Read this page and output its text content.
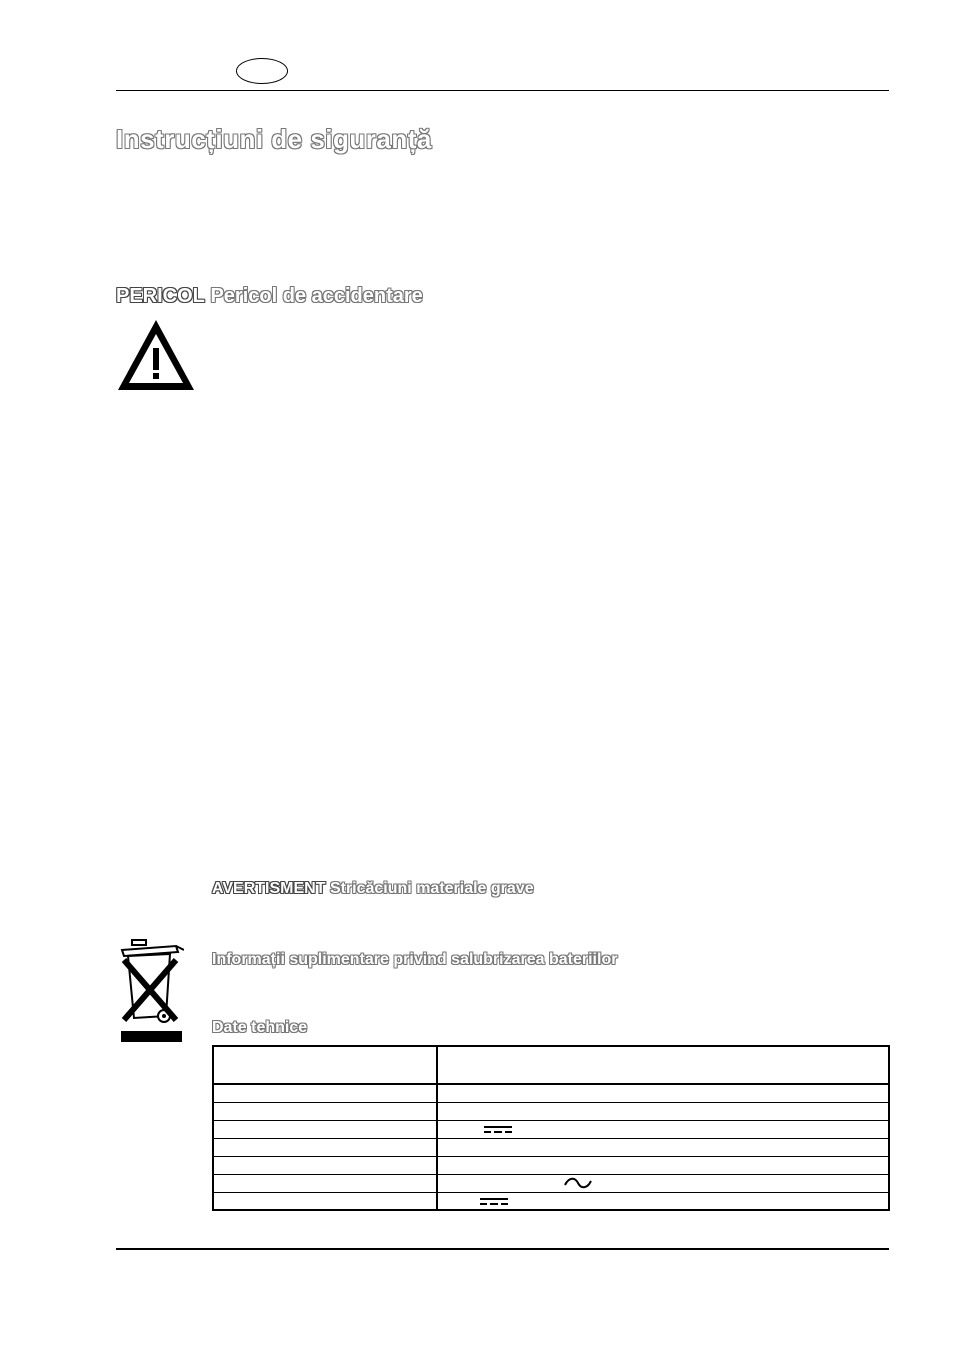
Instrucțiuni de siguranță
PERICOL Pericol de accidentare
AVERTISMENT Stricăciuni materiale grave
Informații suplimentare privind salubrizarea bateriilor
Date tehnice
